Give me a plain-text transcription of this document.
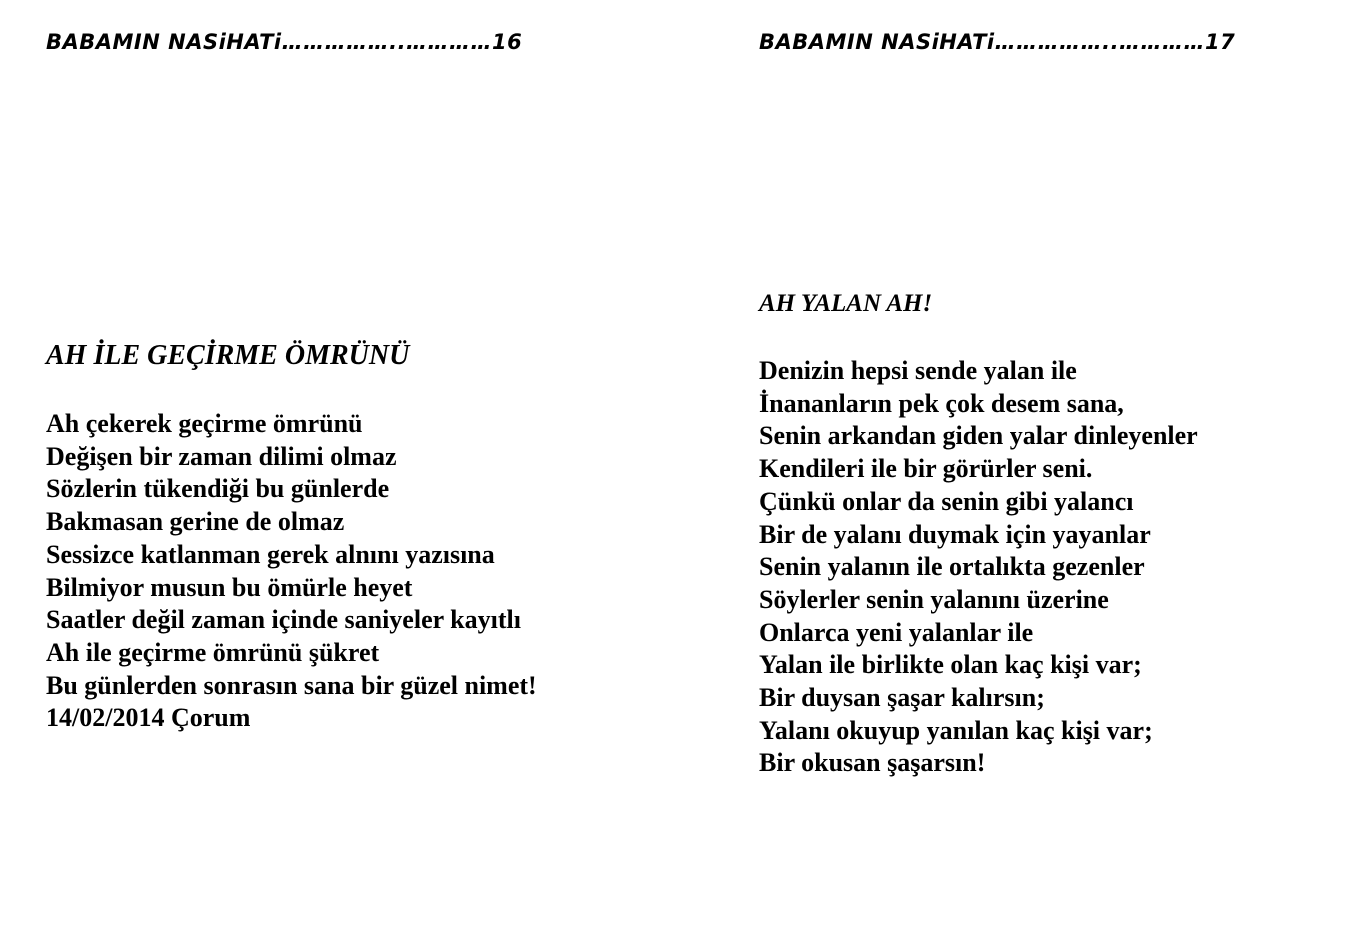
BABAMIN NASiHATi……………..…………16
AH İLE GEÇİRME ÖMRÜNÜ
Ah çekerek geçirme ömrünü
Değişen bir zaman dilimi olmaz
Sözlerin tükendiği bu günlerde
Bakmasan gerine de olmaz
Sessizce katlanman gerek alnını yazısına
Bilmiyor musun bu ömürle heyet
Saatler değil zaman içinde saniyeler kayıtlı
Ah ile geçirme ömrünü şükret
Bu günlerden sonrasın sana bir güzel nimet!
14/02/2014 Çorum
BABAMIN NASiHATi……………..…………17
AH YALAN AH!
Denizin hepsi sende yalan ile
İnananların pek çok desem sana,
Senin arkandan giden yalar dinleyenler
Kendileri ile bir görürler seni.
Çünkü onlar da senin gibi yalancı
Bir de yalanı duymak için yayanlar
Senin yalanın ile ortalıkta gezenler
Söylerler senin yalanını üzerine
Onlarca yeni yalanlar ile
Yalan ile birlikte olan kaç kişi var;
Bir duysan şaşar kalırsın;
Yalanı okuyup yanılan kaç kişi var;
Bir okusan şaşarsın!
